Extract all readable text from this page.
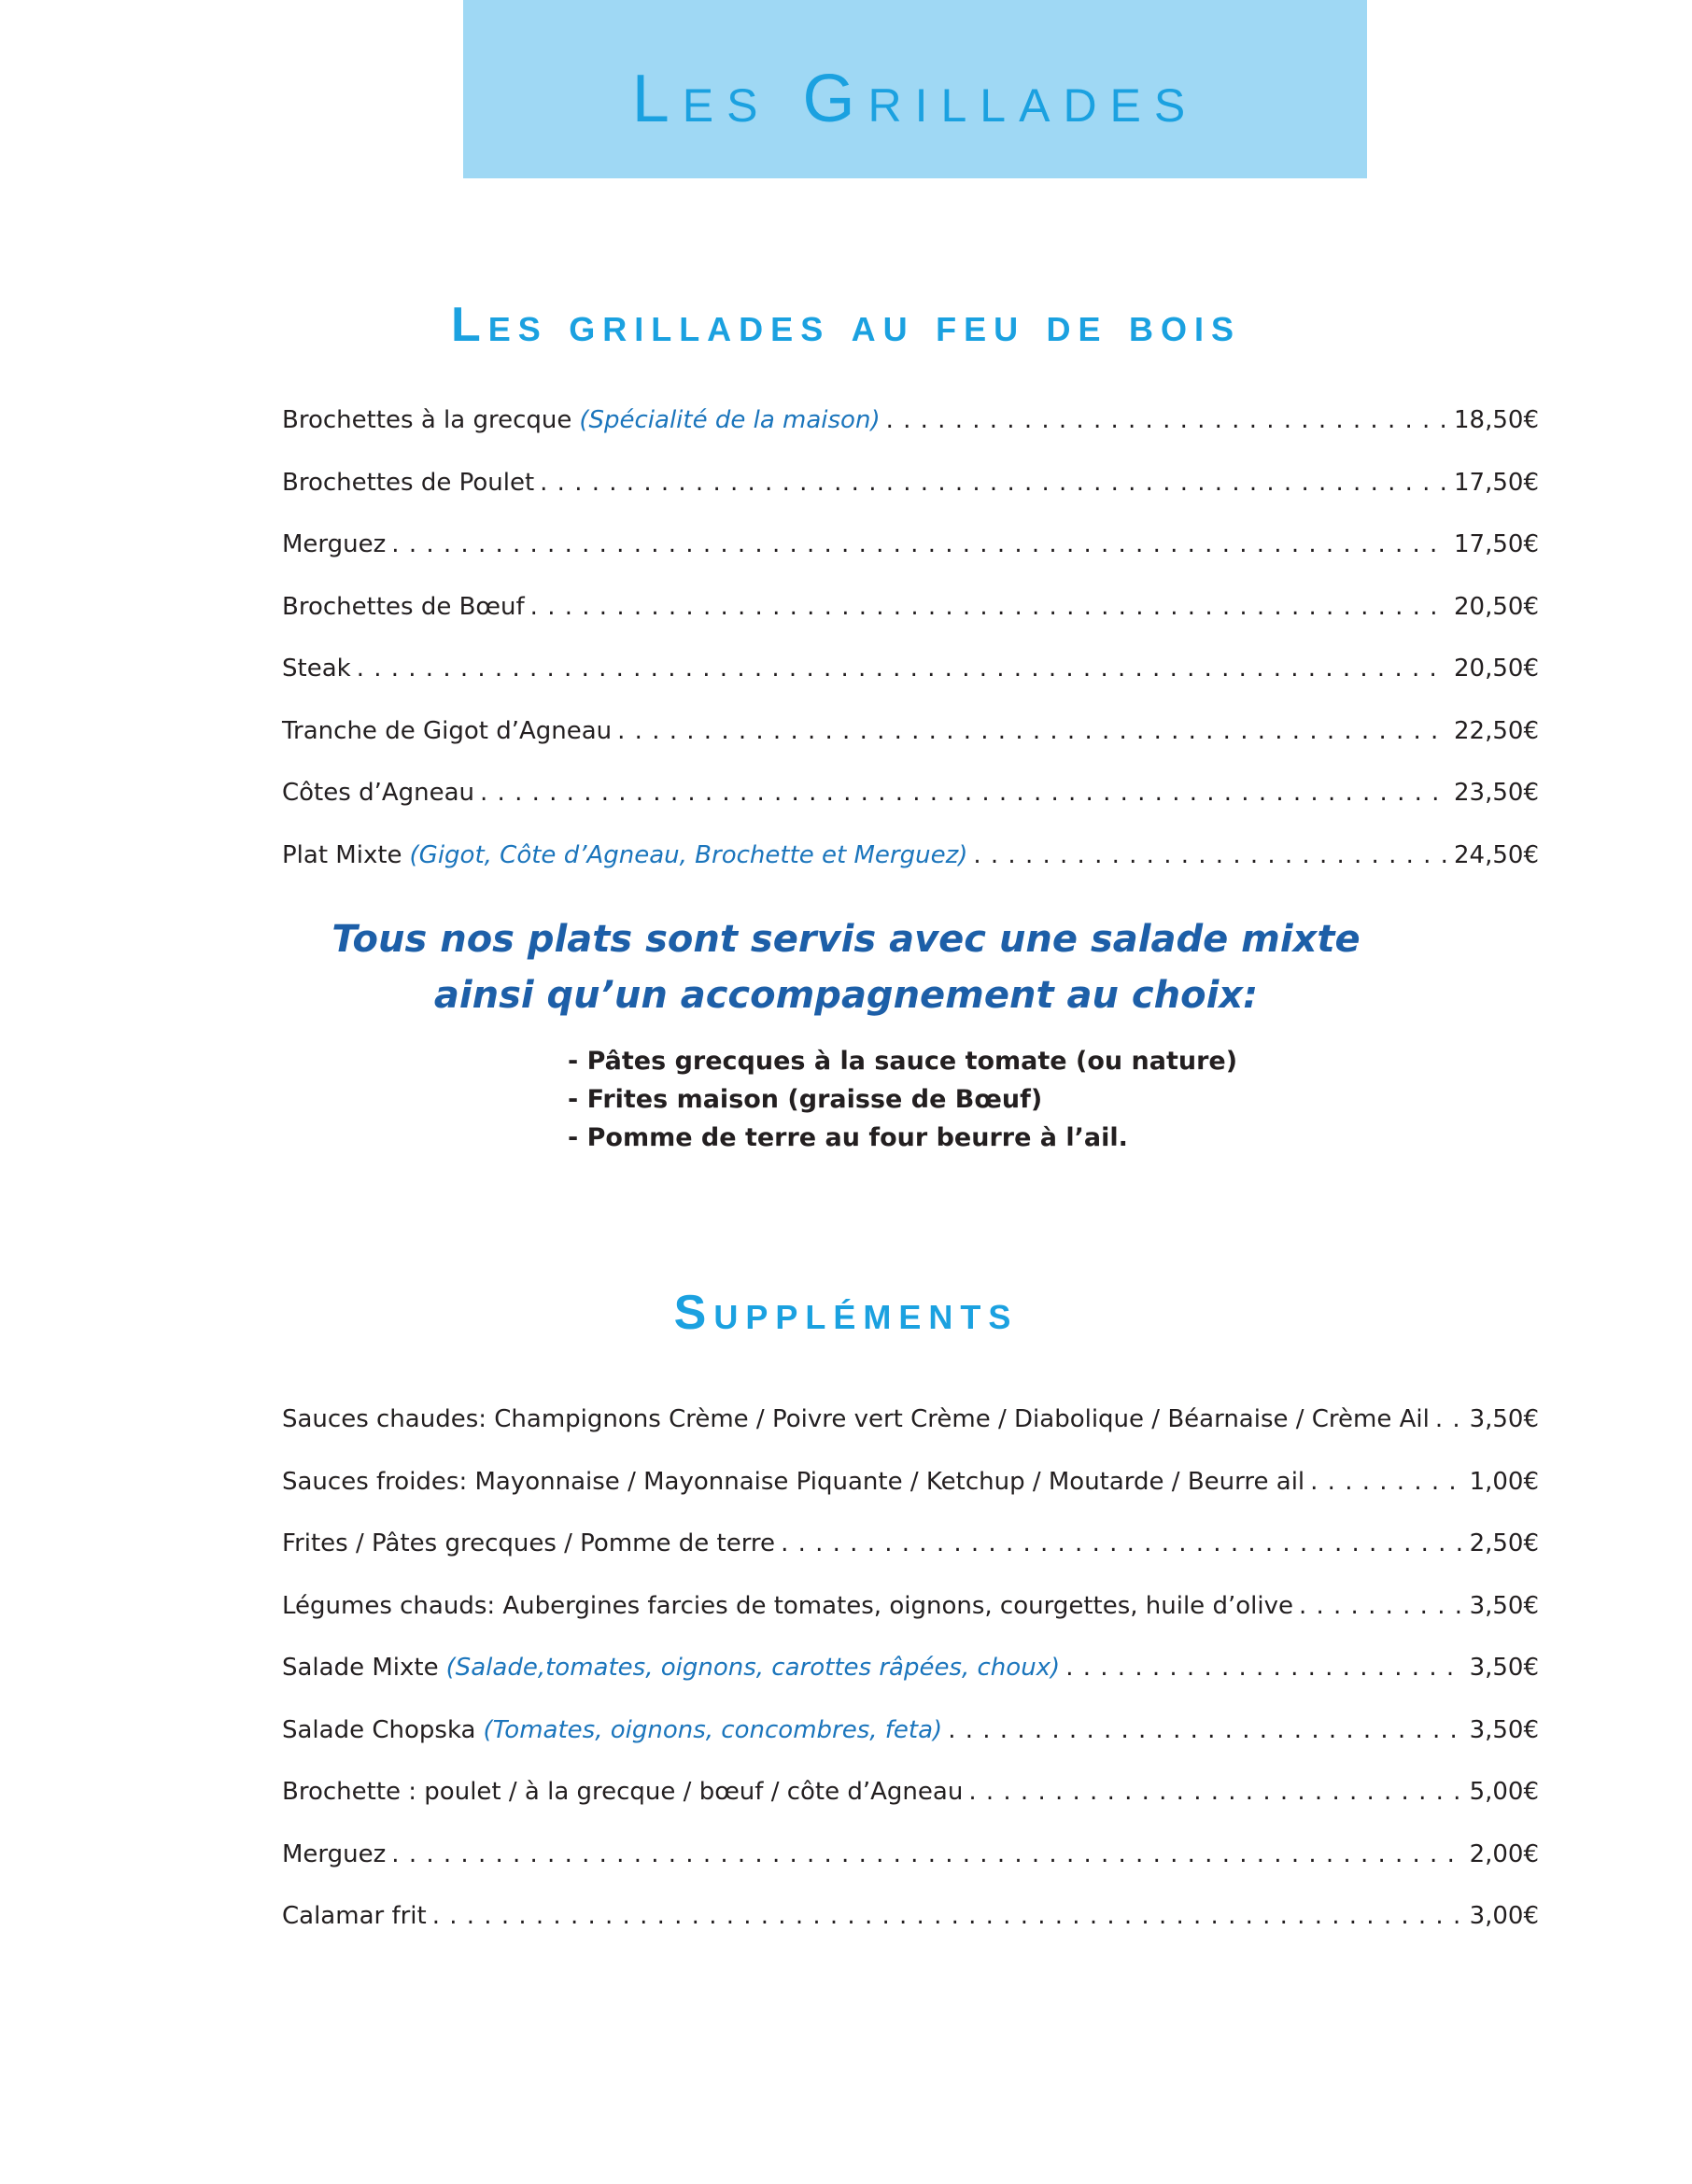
Les Grillades
Les grillades au feu de bois
Brochettes à la grecque (Spécialité de la maison) . . .	18,50€
Brochettes de Poulet . . .	17,50€
Merguez . . .	17,50€
Brochettes de Bœuf . . .	20,50€
Steak . . .	20,50€
Tranche de Gigot d’Agneau . . .	22,50€
Côtes d’Agneau . . .	23,50€
Plat Mixte (Gigot, Côte d’Agneau, Brochette et Merguez) . . .	24,50€
Tous nos plats sont servis avec une salade mixte
ainsi qu’un accompagnement au choix:
- Pâtes grecques à la sauce tomate (ou nature)
- Frites maison (graisse de Bœuf)
- Pomme de terre au four beurre à l’ail.
Suppléments
Sauces chaudes: Champignons Crème / Poivre vert Crème / Diabolique / Béarnaise / Crème Ail . . . 3,50€
Sauces froides: Mayonnaise / Mayonnaise Piquante / Ketchup / Moutarde / Beurre ail . . .	1,00€
Frites / Pâtes grecques / Pomme de terre . . .	2,50€
Légumes chauds: Aubergines farcies de tomates, oignons, courgettes, huile d’olive . . .	3,50€
Salade Mixte (Salade,tomates, oignons, carottes râpées, choux) . . .	3,50€
Salade Chopska (Tomates, oignons, concombres, feta) . . .	3,50€
Brochette : poulet / à la grecque / bœuf / côte d’Agneau . . .	5,00€
Merguez . . .	2,00€
Calamar frit . . .	3,00€
